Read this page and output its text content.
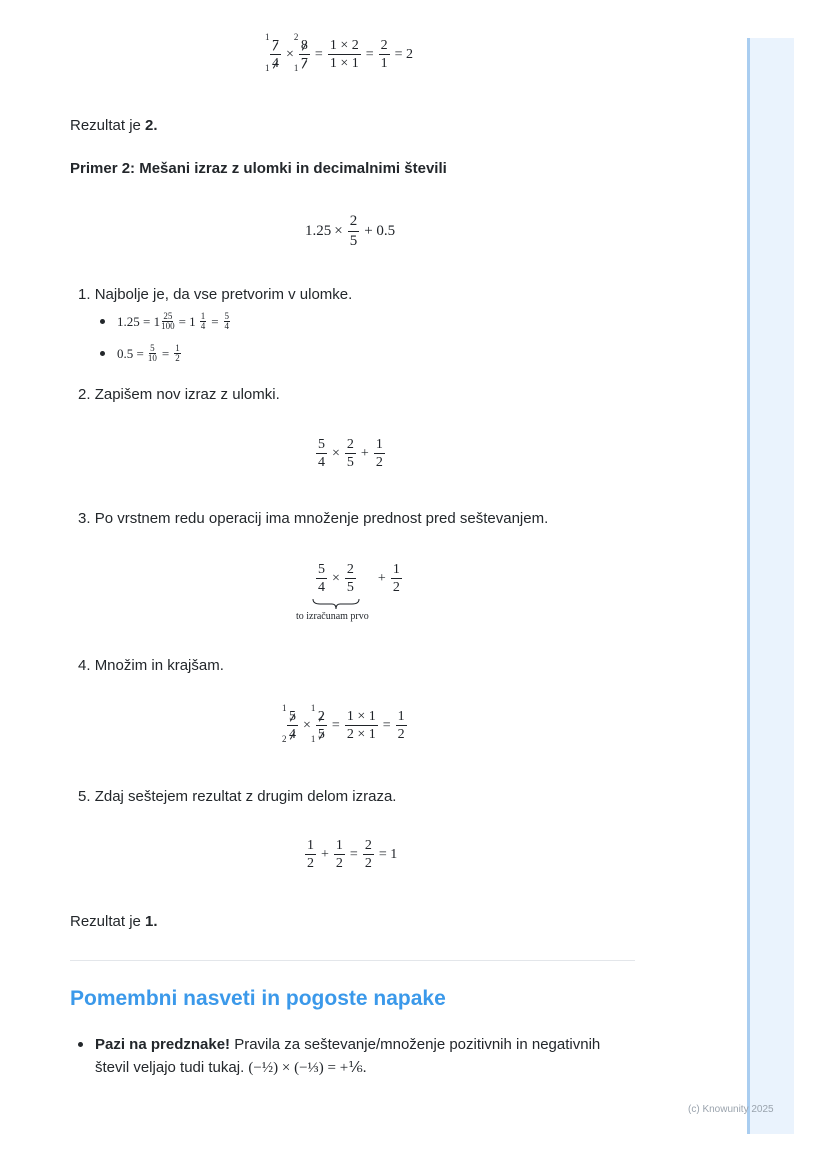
1
7
1 4 × 2
8
1 $7 = \frac{1 \times 2}{1 \times 1} = \frac{2}{1} = 2$
Rezultat je 2.
Primer 2: Mešani izraz z ulomki in decimalnimi števili
$1.25 \times \frac{2}{5} + 0.5$
1. Najbolje je, da vse pretvorim v ulomke.
$1.25 = 1 \frac{25}{100} = 1 \frac{1}{4} = \frac{5}{4}$
$0.5 = \frac{5}{10} = \frac{1}{2}$
2. Zapišem nov izraz z ulomki.
$\frac{5}{4} \times \frac{2}{5} + \frac{1}{2}$
3. Po vrstnem redu operacij ima množenje prednost pred seštevanjem.
$\frac{5}{4} \times \frac{2}{5} + \frac{1}{2}$
to izračunam prvo
4. Množim in krajšam.
1
5
2 4 × 1
2
1 $5 = \frac{1 \times 1}{2 \times 1} = \frac{1}{2}$
5. Zdaj seštejem rezultat z drugim delom izraza.
$\frac{1}{2} + \frac{1}{2} = \frac{2}{2} = 1$
Rezultat je 1.
Pomembni nasveti in pogoste napake
Pazi na predznake! Pravila za seštevanje/množenje pozitivnih in negativnih števil veljajo tudi tukaj. (−½) × (−⅓) = +⅙.
(c) Knowunity 2025
